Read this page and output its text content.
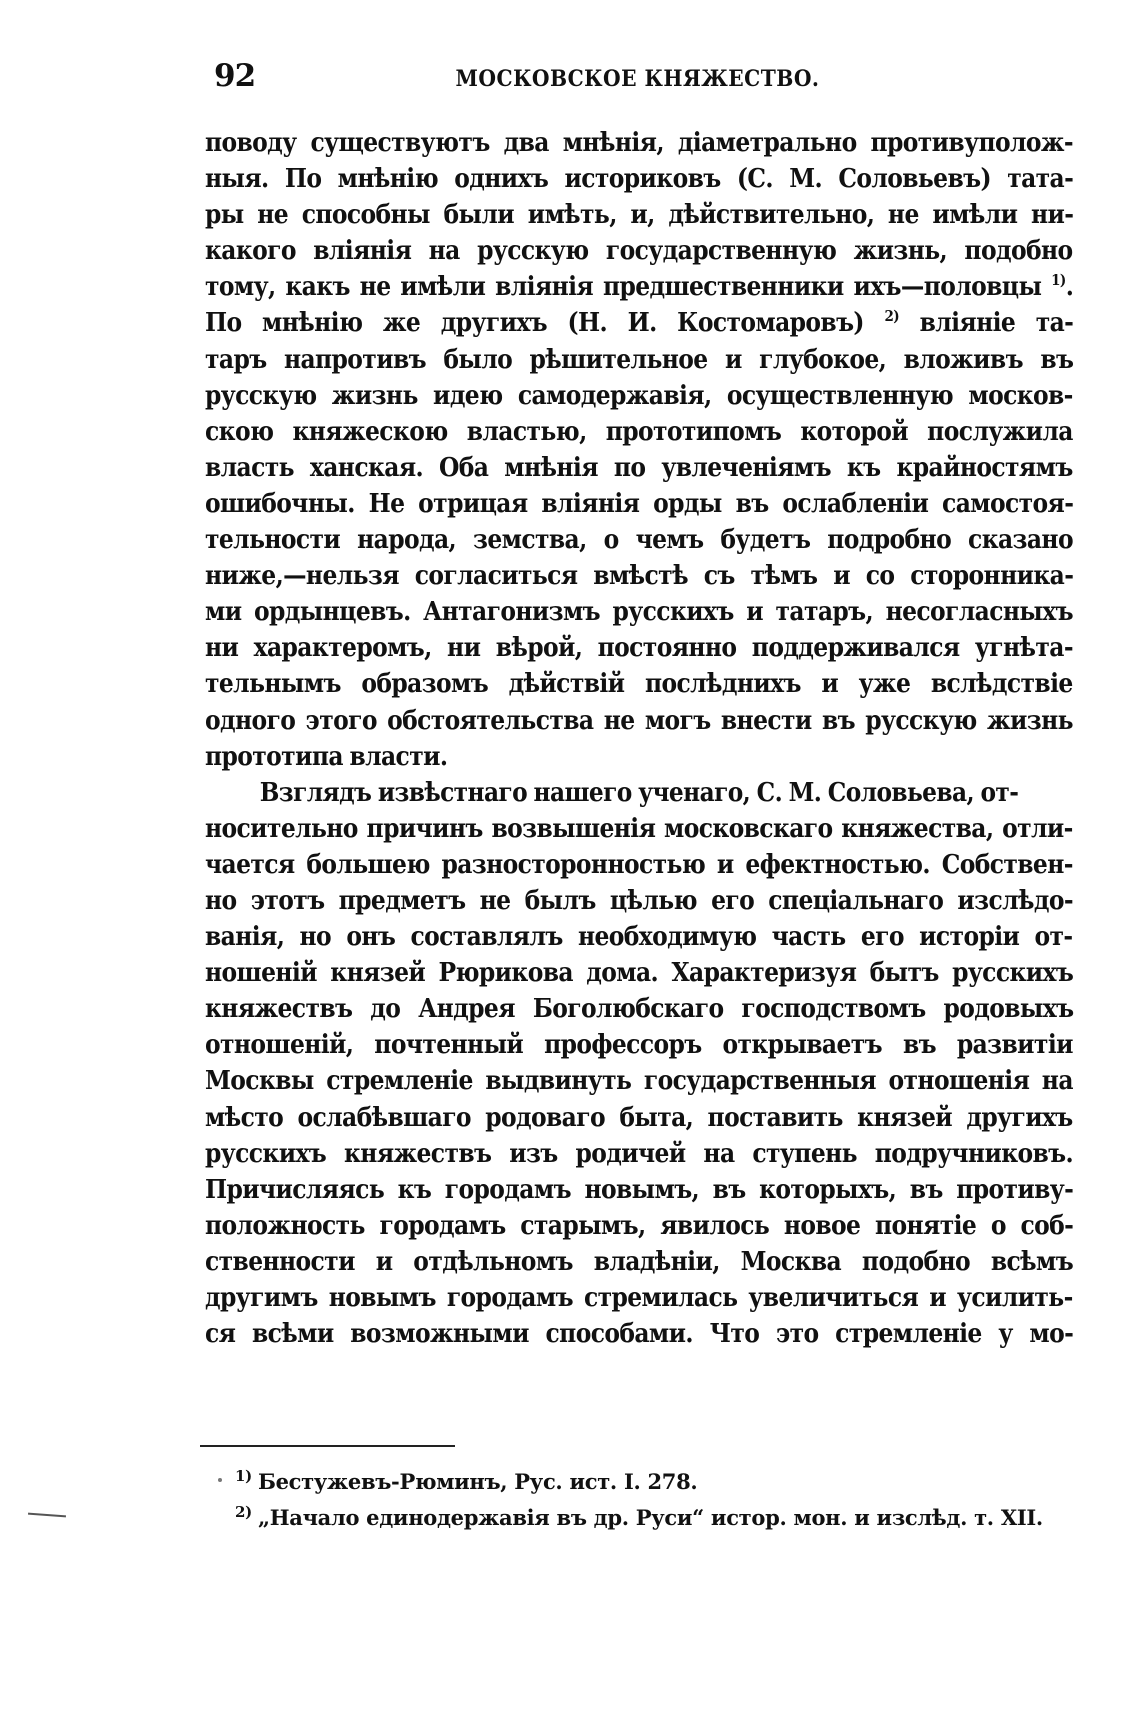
92	МОСКОВСКОЕ КНЯЖЕСТВО.
поводу существуютъ два мнѣнія, діаметрально противуполож-
ныя. По мнѣнію однихъ историковъ (С. М. Соловьевъ) тата-
ры не способны были имѣть, и, дѣйствительно, не имѣли ни-
какого вліянія на русскую государственную жизнь, подобно
тому, какъ не имѣли вліянія предшественники ихъ—половцы $^{1)}$.
По мнѣнію же другихъ (Н. И. Костомаровъ) $^{2)}$ вліяніе та-
таръ напротивъ было рѣшительное и глубокое, вложивъ въ
русскую жизнь идею самодержавія, осуществленную москов-
скою княжескою властью, прототипомъ которой послужила
власть ханская. Оба мнѣнія по увлеченіямъ къ крайностямъ
ошибочны. Не отрицая вліянія орды въ ослабленіи самостоя-
тельности народа, земства, о чемъ будетъ подробно сказано
ниже,—нельзя согласиться вмѣстѣ съ тѣмъ и со сторонника-
ми ордынцевъ. Антагонизмъ русскихъ и татаръ, несогласныхъ
ни характеромъ, ни вѣрой, постоянно поддерживался угнѣта-
тельнымъ образомъ дѣйствій послѣднихъ и уже вслѣдствіе
одного этого обстоятельства не могъ внести въ русскую жизнь
прототипа власти.
Взглядъ извѣстнаго нашего ученаго, С. М. Соловьева, от-
носительно причинъ возвышенія московскаго княжества, отли-
чается большею разносторонностью и ефектностью. Собствен-
но этотъ предметъ не былъ цѣлью его спеціальнаго изслѣдо-
ванія, но онъ составлялъ необходимую часть его исторіи от-
ношеній князей Рюрикова дома. Характеризуя бытъ русскихъ
княжествъ до Андрея Боголюбскаго господствомъ родовыхъ
отношеній, почтенный профессоръ открываетъ въ развитіи
Москвы стремленіе выдвинуть государственныя отношенія на
мѣсто ослабѣвшаго родоваго быта, поставить князей другихъ
русскихъ княжествъ изъ родичей на ступень подручниковъ.
Причисляясь къ городамъ новымъ, въ которыхъ, въ противу-
положность городамъ старымъ, явилось новое понятіе о соб-
ственности и отдѣльномъ владѣніи, Москва подобно всѣмъ
другимъ новымъ городамъ стремилась увеличиться и усилить-
ся всѣми возможными способами. Что это стремленіе у мо-
$^{1)}$ Бестужевъ-Рюминъ, Рус. ист. I. 278.
$^{2)}$ „Начало единодержавія въ др. Руси“ истор. мон. и изслѣд. т. XII.
